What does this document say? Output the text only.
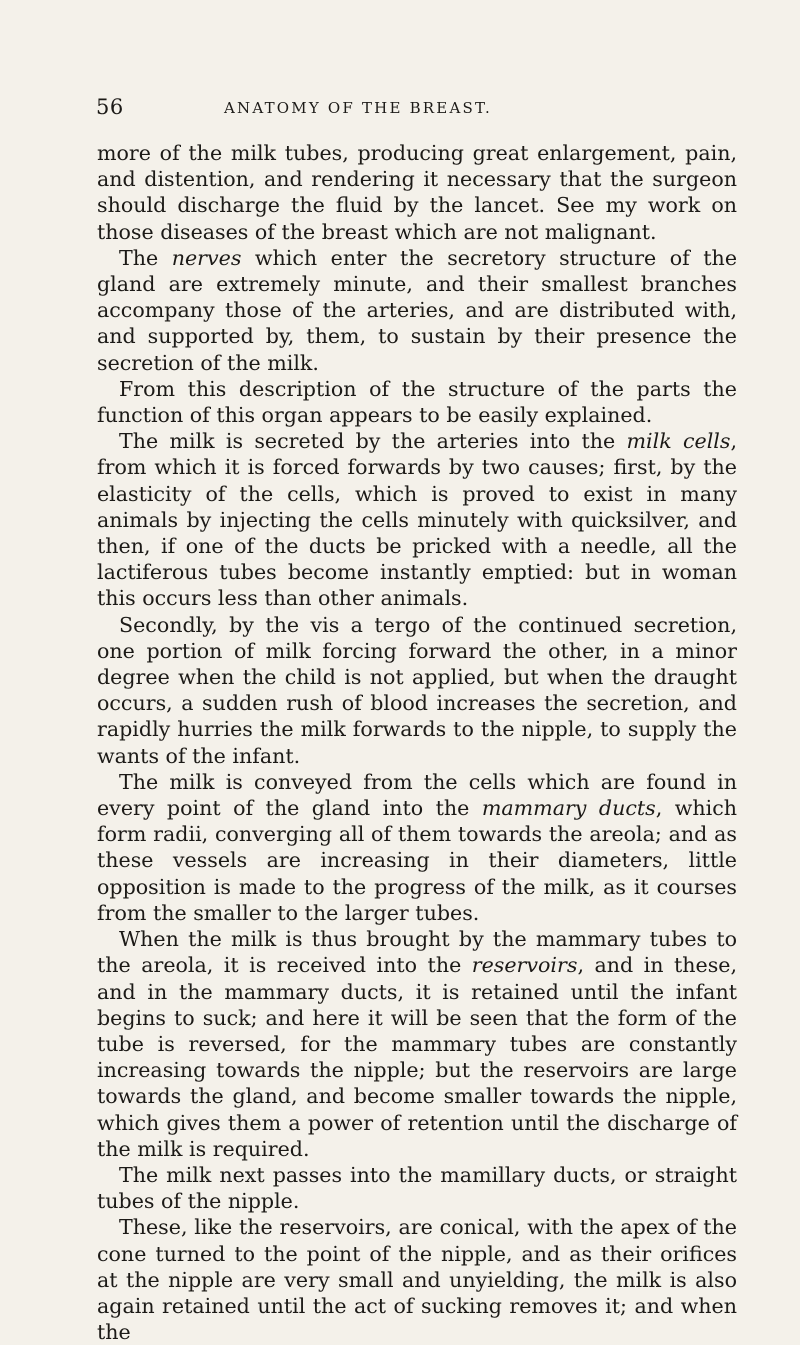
56	ANATOMY OF THE BREAST.

more of the milk tubes, producing great enlargement, pain, and distention, and rendering it necessary that the surgeon should discharge the fluid by the lancet. See my work on those diseases of the breast which are not malignant.

The nerves which enter the secretory structure of the gland are extremely minute, and their smallest branches accompany those of the arteries, and are distributed with, and supported by, them, to sustain by their presence the secretion of the milk.

From this description of the structure of the parts the function of this organ appears to be easily explained.

The milk is secreted by the arteries into the milk cells, from which it is forced forwards by two causes; first, by the elasticity of the cells, which is proved to exist in many animals by injecting the cells minutely with quicksilver, and then, if one of the ducts be pricked with a needle, all the lactiferous tubes become instantly emptied: but in woman this occurs less than other animals.

Secondly, by the vis a tergo of the continued secretion, one portion of milk forcing forward the other, in a minor degree when the child is not applied, but when the draught occurs, a sudden rush of blood increases the secretion, and rapidly hurries the milk forwards to the nipple, to supply the wants of the infant.

The milk is conveyed from the cells which are found in every point of the gland into the mammary ducts, which form radii, converging all of them towards the areola; and as these vessels are increasing in their diameters, little opposition is made to the progress of the milk, as it courses from the smaller to the larger tubes.

When the milk is thus brought by the mammary tubes to the areola, it is received into the reservoirs, and in these, and in the mammary ducts, it is retained until the infant begins to suck; and here it will be seen that the form of the tube is reversed, for the mammary tubes are constantly increasing towards the nipple; but the reservoirs are large towards the gland, and become smaller towards the nipple, which gives them a power of retention until the discharge of the milk is required.

The milk next passes into the mamillary ducts, or straight tubes of the nipple.

These, like the reservoirs, are conical, with the apex of the cone turned to the point of the nipple, and as their orifices at the nipple are very small and unyielding, the milk is also again retained until the act of sucking removes it; and when the
